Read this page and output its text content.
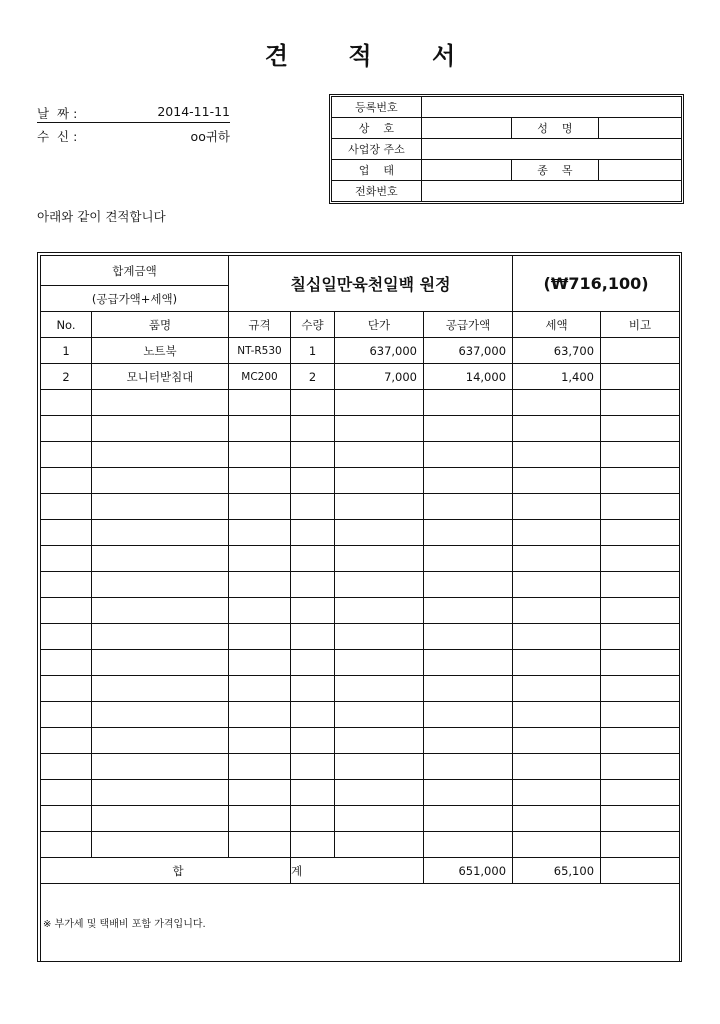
견 적 서
날  짜 :	2014-11-11
수  신 :	oo귀하
아래와 같이 견적합니다
등록번호			
상    호		성    명	
사업장 주소			
업    태		종    목	
전화번호			
합계금액		칠십일만육천일백 원정				(₩716,100)	
(공급가액+세액)							
No.	품명	규격	수량	단가	공급가액	세액	비고
1	노트북	NT-R530	1	637,000	637,000	63,700	
2	모니터받침대	MC200	2	7,000	14,000	1,400	

합			계		651,000	65,100	
※ 부가세 및 택배비 포함 가격입니다.							
